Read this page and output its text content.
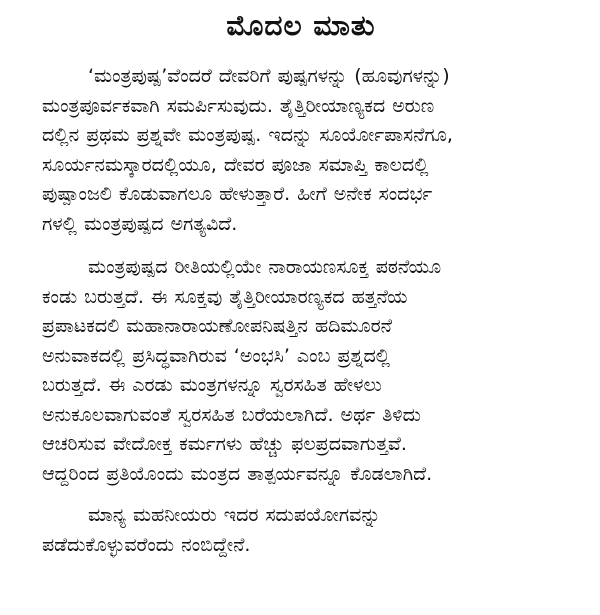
ಮೊದಲ ಮಾತು

‘ಮಂತ್ರಪುಷ್ಪ’ವೆಂದರೆ ದೇವರಿಗೆ ಪುಷ್ಪಗಳನ್ನು (ಹೂವುಗಳನ್ನು)
ಮಂತ್ರಪೂರ್ವಕವಾಗಿ ಸಮರ್ಪಿಸುವುದು. ತೈತ್ತಿರೀಯಾಣ್ಯಕದ ಅರುಣ
ದಲ್ಲಿನ ಪ್ರಥಮ ಪ್ರಶ್ನವೇ ಮಂತ್ರಪುಷ್ಪ. ಇದನ್ನು ಸೂರ್ಯೋಪಾಸನೆಗೂ,
ಸೂರ್ಯನಮಸ್ಕಾರದಲ್ಲಿಯೂ, ದೇವರ ಪೂಜಾ ಸಮಾಪ್ತಿ ಕಾಲದಲ್ಲಿ
ಪುಷ್ಪಾಂಜಲಿ ಕೊಡುವಾಗಲೂ ಹೇಳುತ್ತಾರೆ. ಹೀಗೆ ಅನೇಕ ಸಂದರ್ಭ
ಗಳಲ್ಲಿ ಮಂತ್ರಪುಷ್ಪದ ಅಗತ್ಯವಿದೆ.

ಮಂತ್ರಪುಷ್ಪದ ರೀತಿಯಲ್ಲಿಯೇ ನಾರಾಯಣಸೂಕ್ತ ಪಠನೆಯೂ
ಕಂಡು ಬರುತ್ತದೆ. ಈ ಸೂಕ್ತವು ತೈತ್ತಿರೀಯಾರಣ್ಯಕದ ಹತ್ತನೆಯ
ಪ್ರಪಾಟಕದಲಿ ಮಹಾನಾರಾಯಣೋಪನಿಷತ್ತಿನ ಹದಿಮೂರನೆ
ಅನುವಾಕದಲ್ಲಿ ಪ್ರಸಿದ್ಧವಾಗಿರುವ ‘ಅಂಭಸಿ’ ಎಂಬ ಪ್ರಶ್ನದಲ್ಲಿ
ಬರುತ್ತದೆ. ಈ ಎರಡು ಮಂತ್ರಗಳನ್ನೂ ಸ್ವರಸಹಿತ ಹೇಳಲು
ಅನುಕೂಲವಾಗುವಂತೆ ಸ್ವರಸಹಿತ ಬರೆಯಲಾಗಿದೆ. ಅರ್ಥ ತಿಳಿದು
ಆಚರಿಸುವ ವೇದೋಕ್ತ ಕರ್ಮಗಳು ಹೆಚ್ಚು ಫಲಪ್ರದವಾಗುತ್ತವೆ.
ಆದ್ದರಿಂದ ಪ್ರತಿಯೊಂದು ಮಂತ್ರದ ತಾತ್ಪರ್ಯವನ್ನೂ ಕೊಡಲಾಗಿದೆ.

ಮಾನ್ಯ ಮಹನೀಯರು ಇದರ ಸದುಪಯೋಗವನ್ನು
ಪಡೆದುಕೊಳ್ಳುವರೆಂದು ನಂಬಿದ್ದೇನೆ.
